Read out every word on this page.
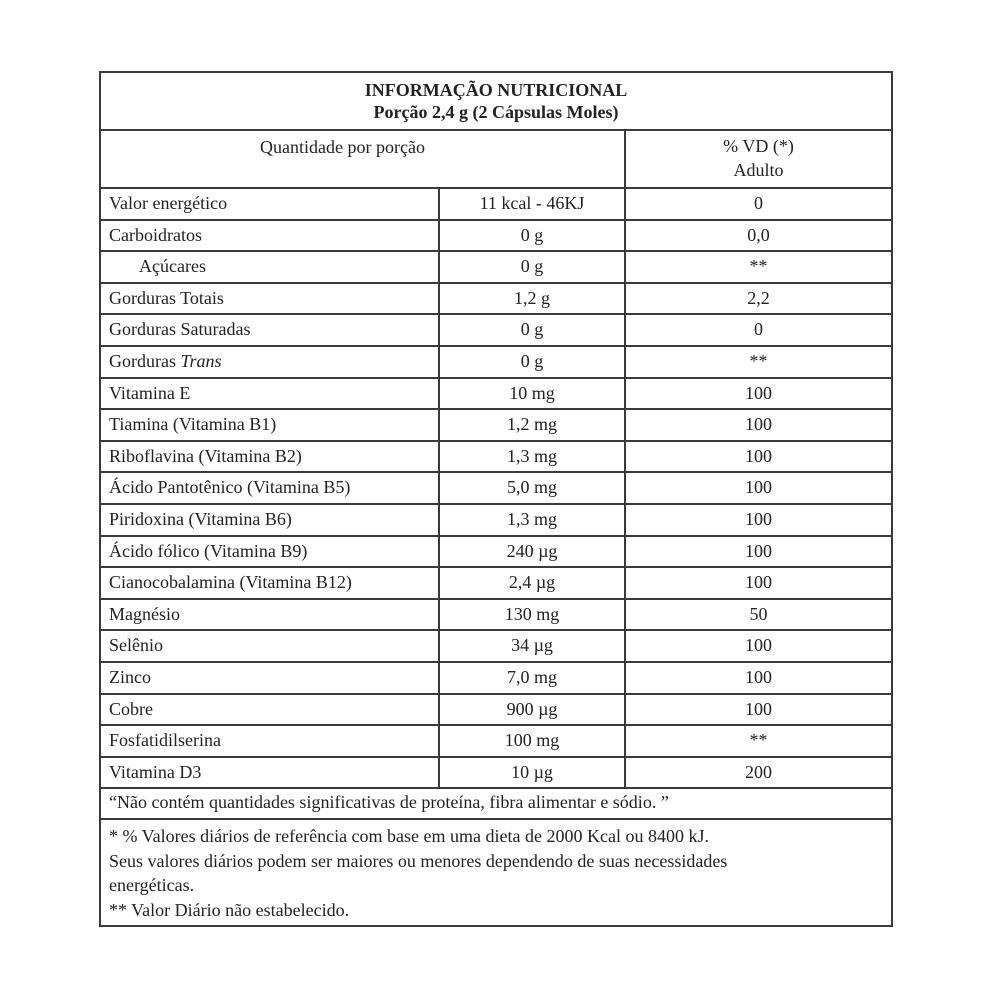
INFORMAÇÃO NUTRICIONAL
Porção 2,4 g (2 Cápsulas Moles)
Quantidade por porção	% VD (*)
Adulto
Valor energético	11 kcal - 46KJ	0
Carboidratos	0 g	0,0
Açúcares	0 g	**
Gorduras Totais	1,2 g	2,2
Gorduras Saturadas	0 g	0
Gorduras Trans	0 g	**
Vitamina E	10 mg	100
Tiamina (Vitamina B1)	1,2 mg	100
Riboflavina (Vitamina B2)	1,3 mg	100
Ácido Pantotênico (Vitamina B5)	5,0 mg	100
Piridoxina (Vitamina B6)	1,3 mg	100
Ácido fólico (Vitamina B9)	240 µg	100
Cianocobalamina (Vitamina B12)	2,4 µg	100
Magnésio	130 mg	50
Selênio	34 µg	100
Zinco	7,0 mg	100
Cobre	900 µg	100
Fosfatidilserina	100 mg	**
Vitamina D3	10 µg	200
“Não contém quantidades significativas de proteína, fibra alimentar e sódio. ”
* % Valores diários de referência com base em uma dieta de 2000 Kcal ou 8400 kJ.
Seus valores diários podem ser maiores ou menores dependendo de suas necessidades
energéticas.
** Valor Diário não estabelecido.
